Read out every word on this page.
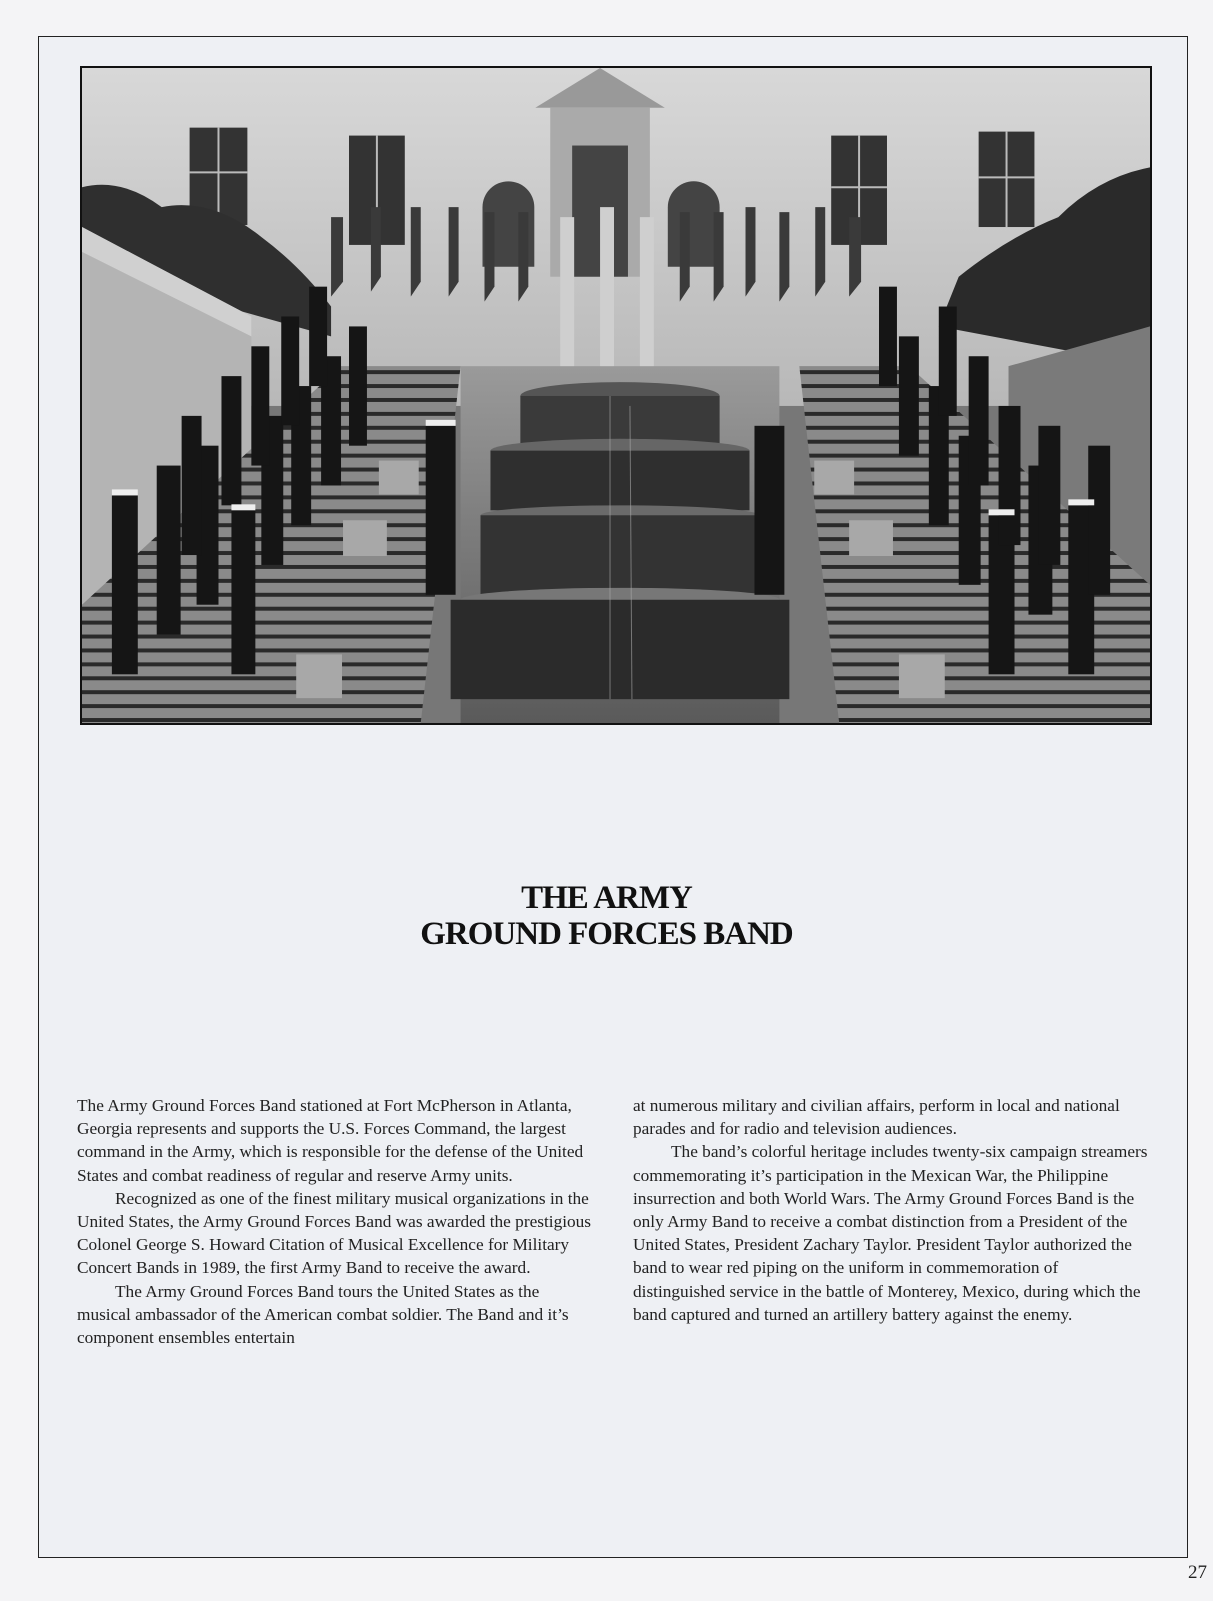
THE ARMY
GROUND FORCES BAND

The Army Ground Forces Band stationed at Fort McPherson in Atlanta, Georgia represents and supports the U.S. Forces Command, the largest command in the Army, which is responsible for the defense of the United States and combat readiness of regular and reserve Army units.

Recognized as one of the finest military musical organizations in the United States, the Army Ground Forces Band was awarded the prestigious Colonel George S. Howard Citation of Musical Excellence for Military Concert Bands in 1989, the first Army Band to receive the award.

The Army Ground Forces Band tours the United States as the musical ambassador of the American combat soldier. The Band and it’s component ensembles entertain

at numerous military and civilian affairs, perform in local and national parades and for radio and television audiences.

The band’s colorful heritage includes twenty-six campaign streamers commemorating it’s participation in the Mexican War, the Philippine insurrection and both World Wars. The Army Ground Forces Band is the only Army Band to receive a combat distinction from a President of the United States, President Zachary Taylor. President Taylor authorized the band to wear red piping on the uniform in commemoration of distinguished service in the battle of Monterey, Mexico, during which the band captured and turned an artillery battery against the enemy.

27
